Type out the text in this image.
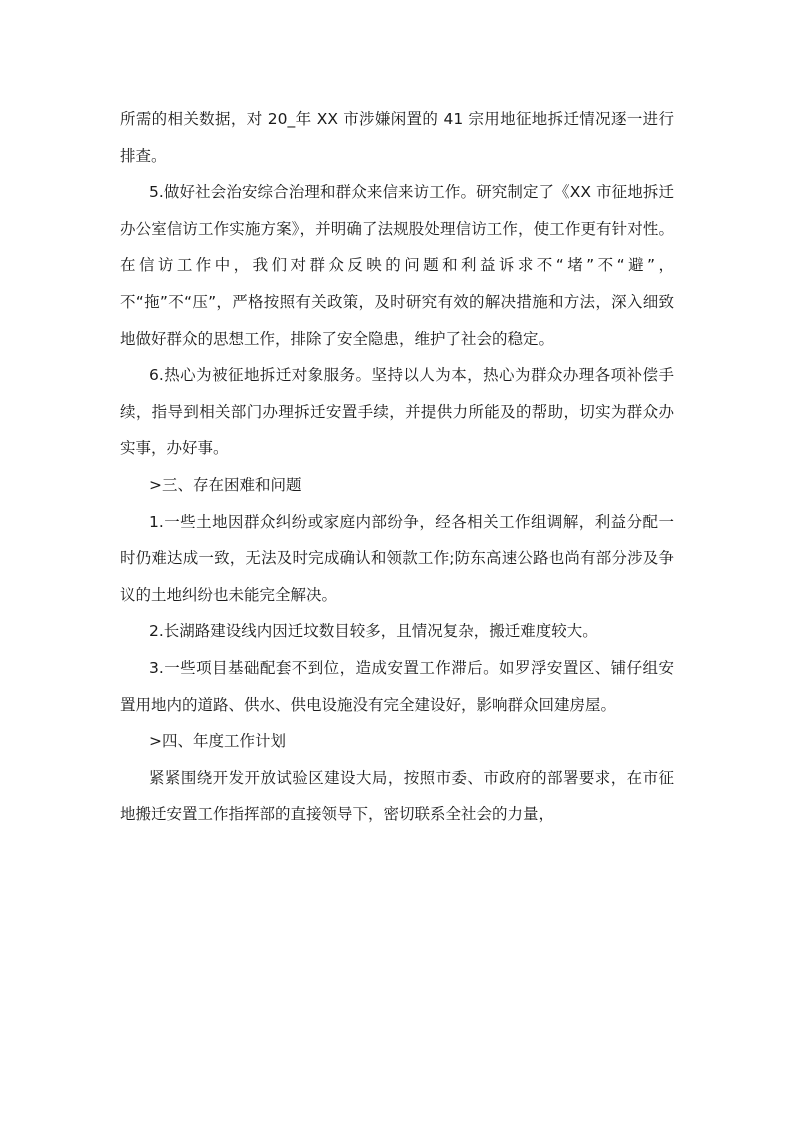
所需的相关数据，对 20_年 XX 市涉嫌闲置的 41 宗用地征地拆迁情况逐一进行排查。

5.做好社会治安综合治理和群众来信来访工作。研究制定了《XX 市征地拆迁办公室信访工作实施方案》，并明确了法规股处理信访工作，使工作更有针对性。在信访工作中，我们对群众反映的问题和利益诉求不“堵”不“避”，不“拖”不“压”，严格按照有关政策，及时研究有效的解决措施和方法，深入细致地做好群众的思想工作，排除了安全隐患，维护了社会的稳定。

6.热心为被征地拆迁对象服务。坚持以人为本，热心为群众办理各项补偿手续，指导到相关部门办理拆迁安置手续，并提供力所能及的帮助，切实为群众办实事，办好事。

>三、存在困难和问题

1.一些土地因群众纠纷或家庭内部纷争，经各相关工作组调解，利益分配一时仍难达成一致，无法及时完成确认和领款工作;防东高速公路也尚有部分涉及争议的土地纠纷也未能完全解决。

2.长湖路建设线内因迁坟数目较多，且情况复杂，搬迁难度较大。

3.一些项目基础配套不到位，造成安置工作滞后。如罗浮安置区、铺仔组安置用地内的道路、供水、供电设施没有完全建设好，影响群众回建房屋。

>四、年度工作计划

紧紧围绕开发开放试验区建设大局，按照市委、市政府的部署要求，在市征地搬迁安置工作指挥部的直接领导下，密切联系全社会的力量，
